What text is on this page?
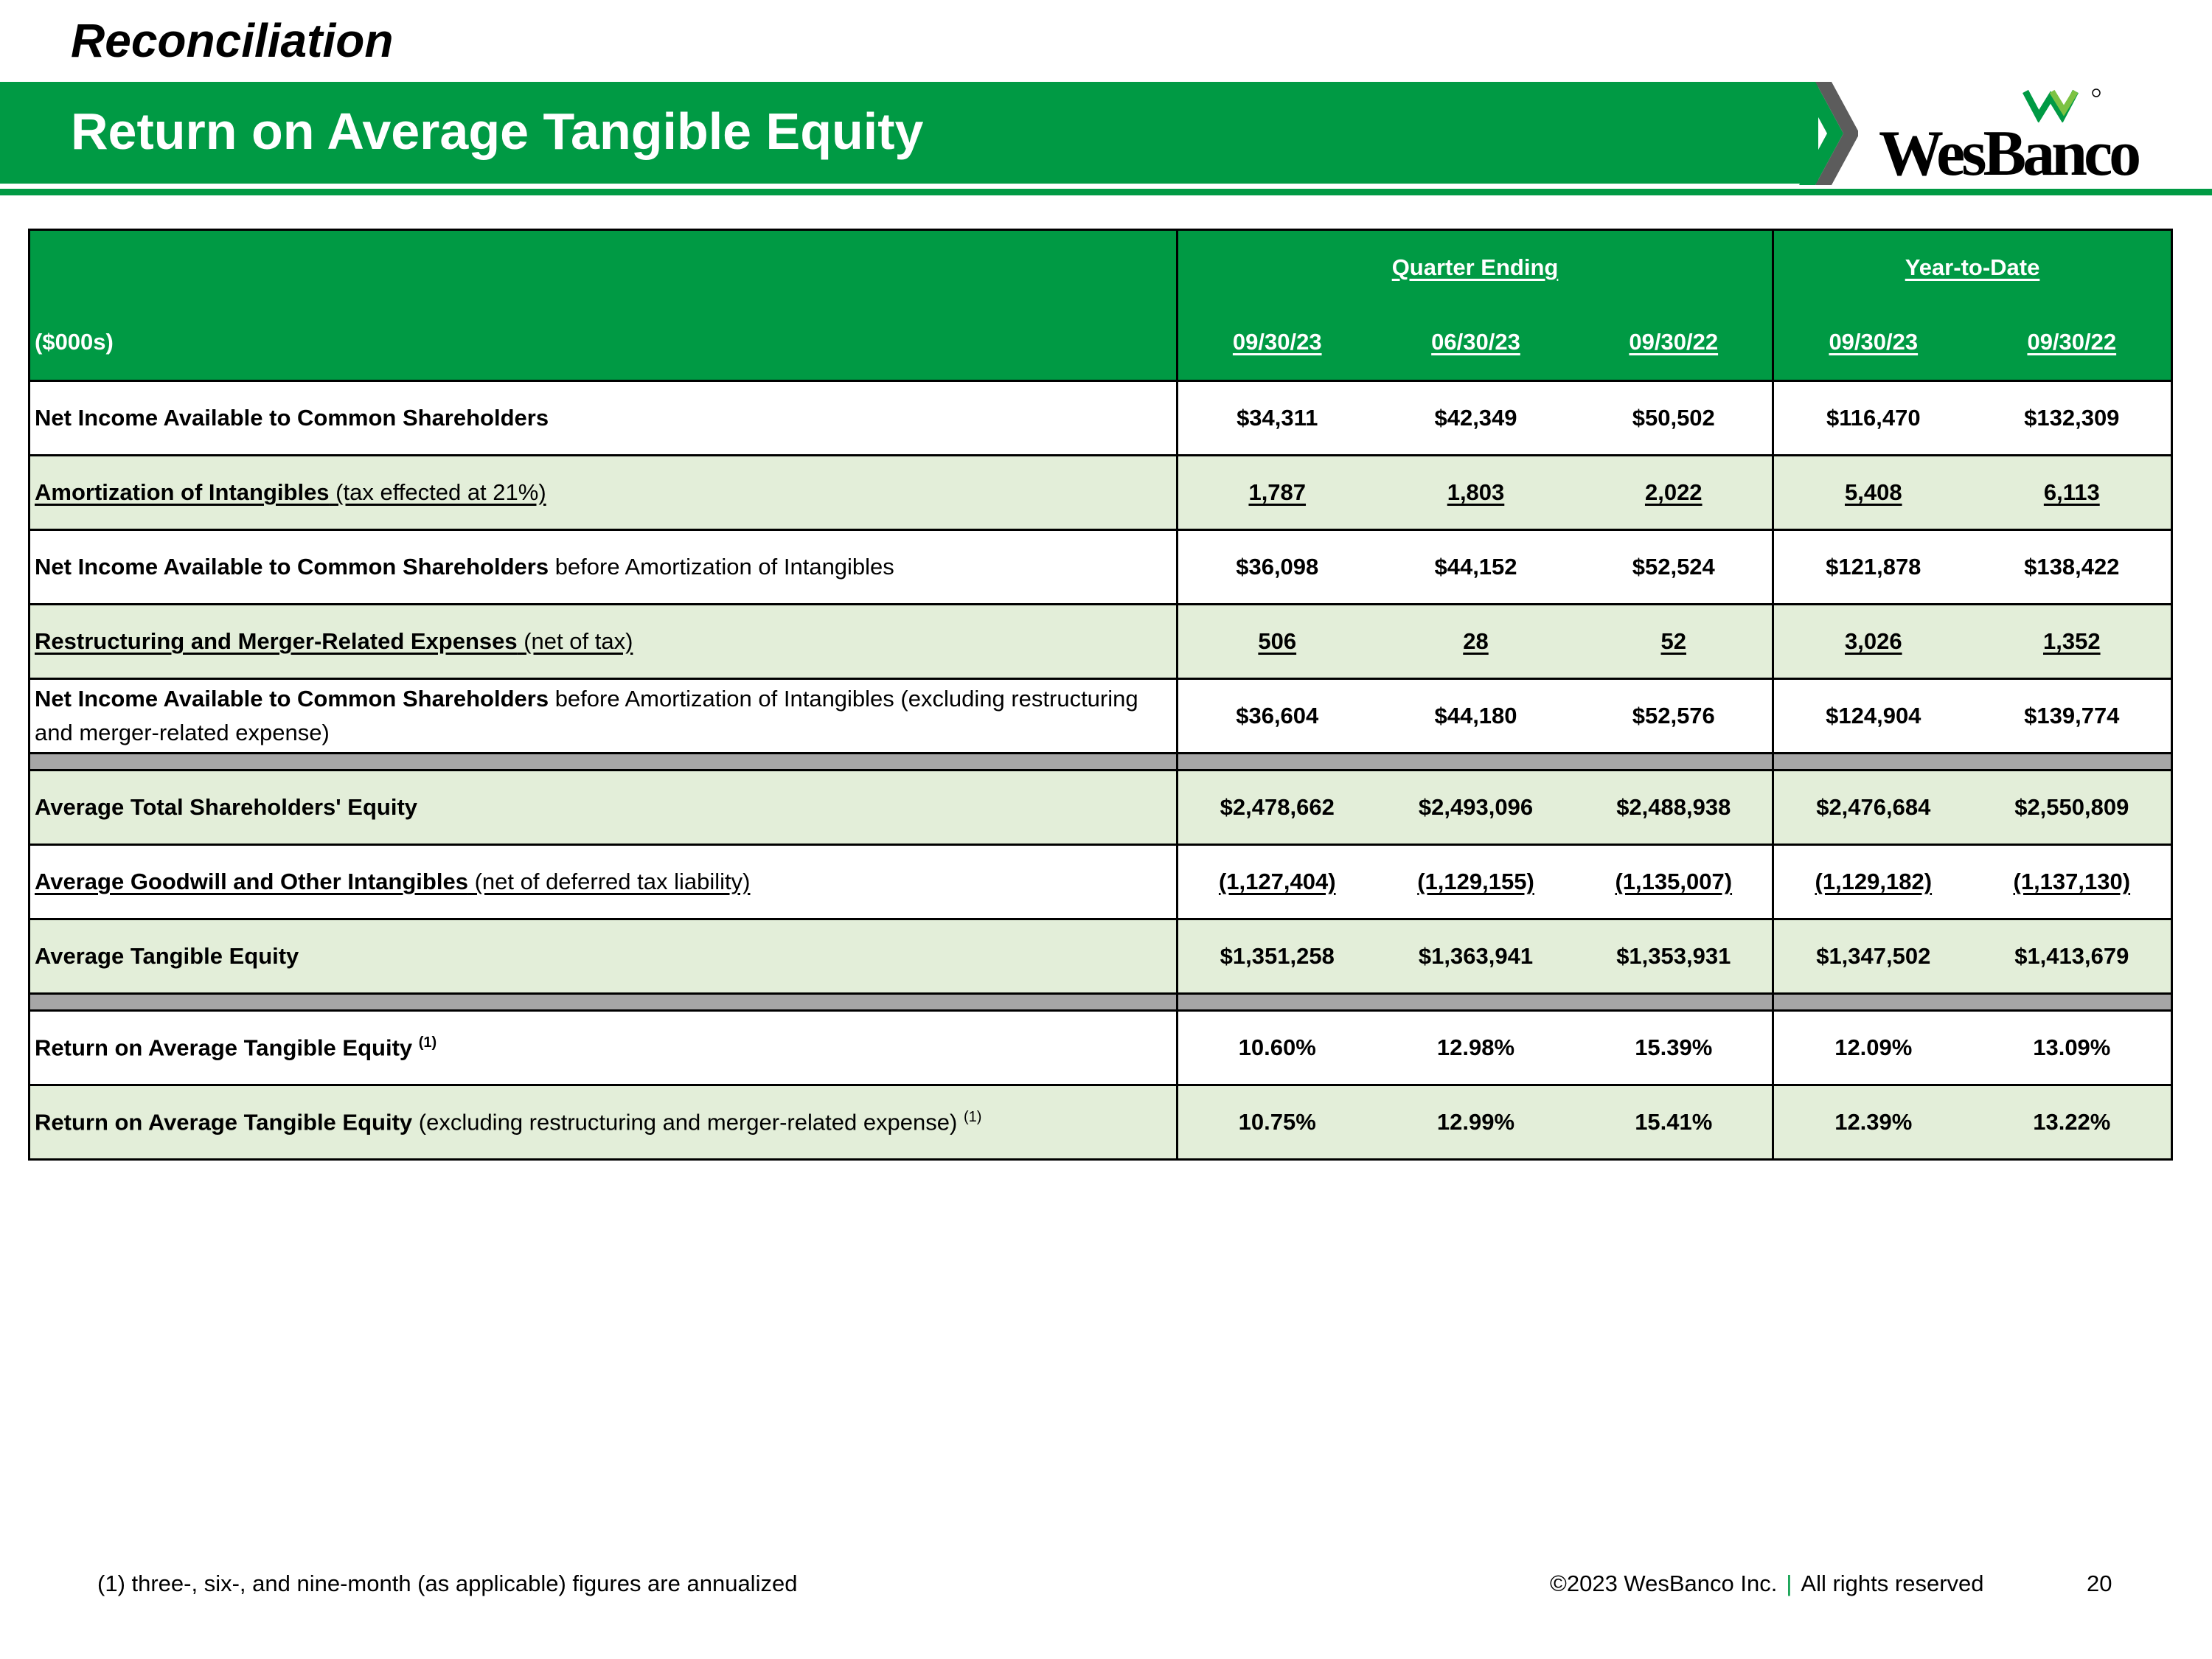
Reconciliation
Return on Average Tangible Equity	WesBanco
	Quarter Ending			Year-to-Date	
($000s)	09/30/23	06/30/23	09/30/22	09/30/23	09/30/22
Net Income Available to Common Shareholders	$34,311	$42,349	$50,502	$116,470	$132,309
Amortization of Intangibles (tax effected at 21%)	1,787	1,803	2,022	5,408	6,113
Net Income Available to Common Shareholders before Amortization of Intangibles	$36,098	$44,152	$52,524	$121,878	$138,422
Restructuring and Merger-Related Expenses (net of tax)	506	28	52	3,026	1,352
Net Income Available to Common Shareholders before Amortization of Intangibles (excluding restructuring and merger-related expense)	$36,604	$44,180	$52,576	$124,904	$139,774

Average Total Shareholders' Equity	$2,478,662	$2,493,096	$2,488,938	$2,476,684	$2,550,809
Average Goodwill and Other Intangibles (net of deferred tax liability)	(1,127,404)	(1,129,155)	(1,135,007)	(1,129,182)	(1,137,130)
Average Tangible Equity	$1,351,258	$1,363,941	$1,353,931	$1,347,502	$1,413,679

Return on Average Tangible Equity $^{(1)}$	10.60%	12.98%	15.39%	12.09%	13.09%
Return on Average Tangible Equity (excluding restructuring and merger-related expense) $^{(1)}$	10.75%	12.99%	15.41%	12.39%	13.22%
(1) three-, six-, and nine-month (as applicable) figures are annualized	©2023 WesBanco Inc. | All rights reserved	20
